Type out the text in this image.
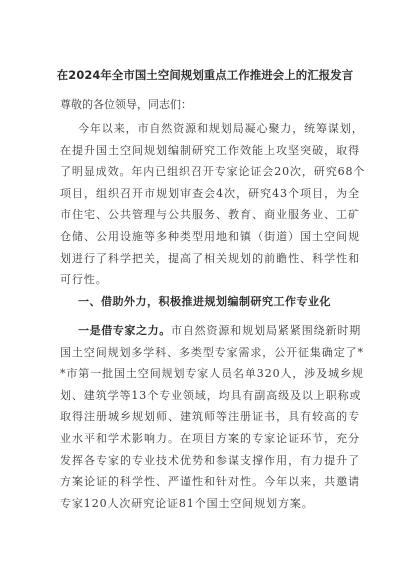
在2024年全市国土空间规划重点工作推进会上的汇报发言
尊敬的各位领导，同志们：
今年以来，市自然资源和规划局凝心聚力，统筹谋划，
在提升国土空间规划编制研究工作效能上攻坚突破，取得
了明显成效。年内已组织召开专家论证会20次，研究68个
项目，组织召开市规划审查会4次，研究43个项目，为全
市住宅、公共管理与公共服务、教育、商业服务业、工矿
仓储、公用设施等多种类型用地和镇（街道）国土空间规
划进行了科学把关，提高了相关规划的前瞻性、科学性和
可行性。
一、借助外力，积极推进规划编制研究工作专业化
一是借专家之力。市自然资源和规划局紧紧围绕新时期
国土空间规划多学科、多类型专家需求，公开征集确定了*
*市第一批国土空间规划专家人员名单320人，涉及城乡规
划、建筑学等13个专业领域，均具有副高级及以上职称或
取得注册城乡规划师、建筑师等注册证书，具有较高的专
业水平和学术影响力。在项目方案的专家论证环节，充分
发挥各专家的专业技术优势和参谋支撑作用，有力提升了
方案论证的科学性、严谨性和针对性。今年以来，共邀请
专家120人次研究论证81个国土空间规划方案。
